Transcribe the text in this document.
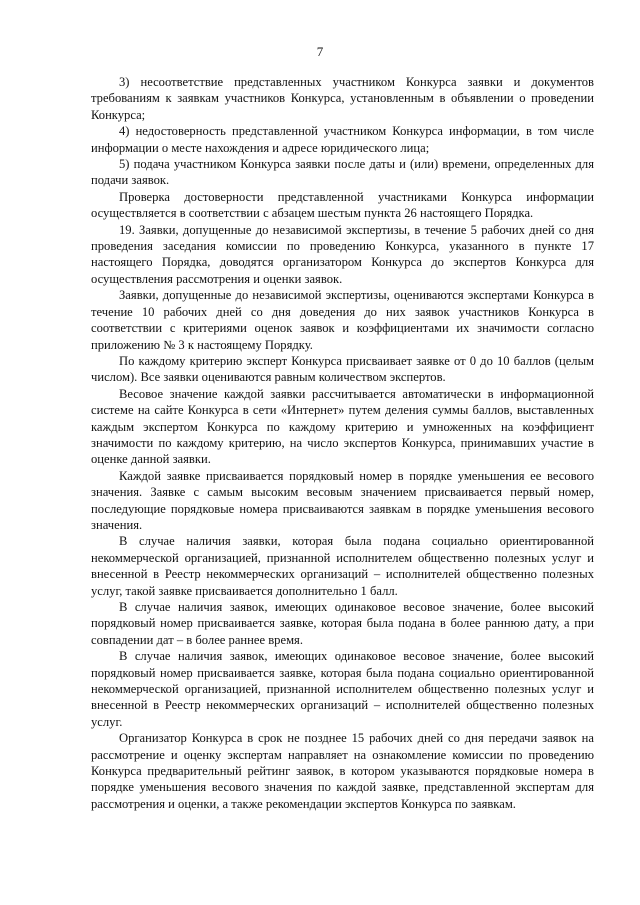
7

3) несоответствие представленных участником Конкурса заявки и документов требованиям к заявкам участников Конкурса, установленным в объявлении о проведении Конкурса;

4) недостоверность представленной участником Конкурса информации, в том числе информации о месте нахождения и адресе юридического лица;

5) подача участником Конкурса заявки после даты и (или) времени, определенных для подачи заявок.

Проверка достоверности представленной участниками Конкурса информации осуществляется в соответствии с абзацем шестым пункта 26 настоящего Порядка.

19. Заявки, допущенные до независимой экспертизы, в течение 5 рабочих дней со дня проведения заседания комиссии по проведению Конкурса, указанного в пункте 17 настоящего Порядка, доводятся организатором Конкурса до экспертов Конкурса для осуществления рассмотрения и оценки заявок.

Заявки, допущенные до независимой экспертизы, оцениваются экспертами Конкурса в течение 10 рабочих дней со дня доведения до них заявок участников Конкурса в соответствии с критериями оценок заявок и коэффициентами их значимости согласно приложению № 3 к настоящему Порядку.

По каждому критерию эксперт Конкурса присваивает заявке от 0 до 10 баллов (целым числом). Все заявки оцениваются равным количеством экспертов.

Весовое значение каждой заявки рассчитывается автоматически в информационной системе на сайте Конкурса в сети «Интернет» путем деления суммы баллов, выставленных каждым экспертом Конкурса по каждому критерию и умноженных на коэффициент значимости по каждому критерию, на число экспертов Конкурса, принимавших участие в оценке данной заявки.

Каждой заявке присваивается порядковый номер в порядке уменьшения ее весового значения. Заявке с самым высоким весовым значением присваивается первый номер, последующие порядковые номера присваиваются заявкам в порядке уменьшения весового значения.

В случае наличия заявки, которая была подана социально ориентированной некоммерческой организацией, признанной исполнителем общественно полезных услуг и внесенной в Реестр некоммерческих организаций – исполнителей общественно полезных услуг, такой заявке присваивается дополнительно 1 балл.

В случае наличия заявок, имеющих одинаковое весовое значение, более высокий порядковый номер присваивается заявке, которая была подана в более раннюю дату, а при совпадении дат – в более раннее время.

В случае наличия заявок, имеющих одинаковое весовое значение, более высокий порядковый номер присваивается заявке, которая была подана социально ориентированной некоммерческой организацией, признанной исполнителем общественно полезных услуг и внесенной в Реестр некоммерческих организаций – исполнителей общественно полезных услуг.

Организатор Конкурса в срок не позднее 15 рабочих дней со дня передачи заявок на рассмотрение и оценку экспертам направляет на ознакомление комиссии по проведению Конкурса предварительный рейтинг заявок, в котором указываются порядковые номера в порядке уменьшения весового значения по каждой заявке, представленной экспертам для рассмотрения и оценки, а также рекомендации экспертов Конкурса по заявкам.
